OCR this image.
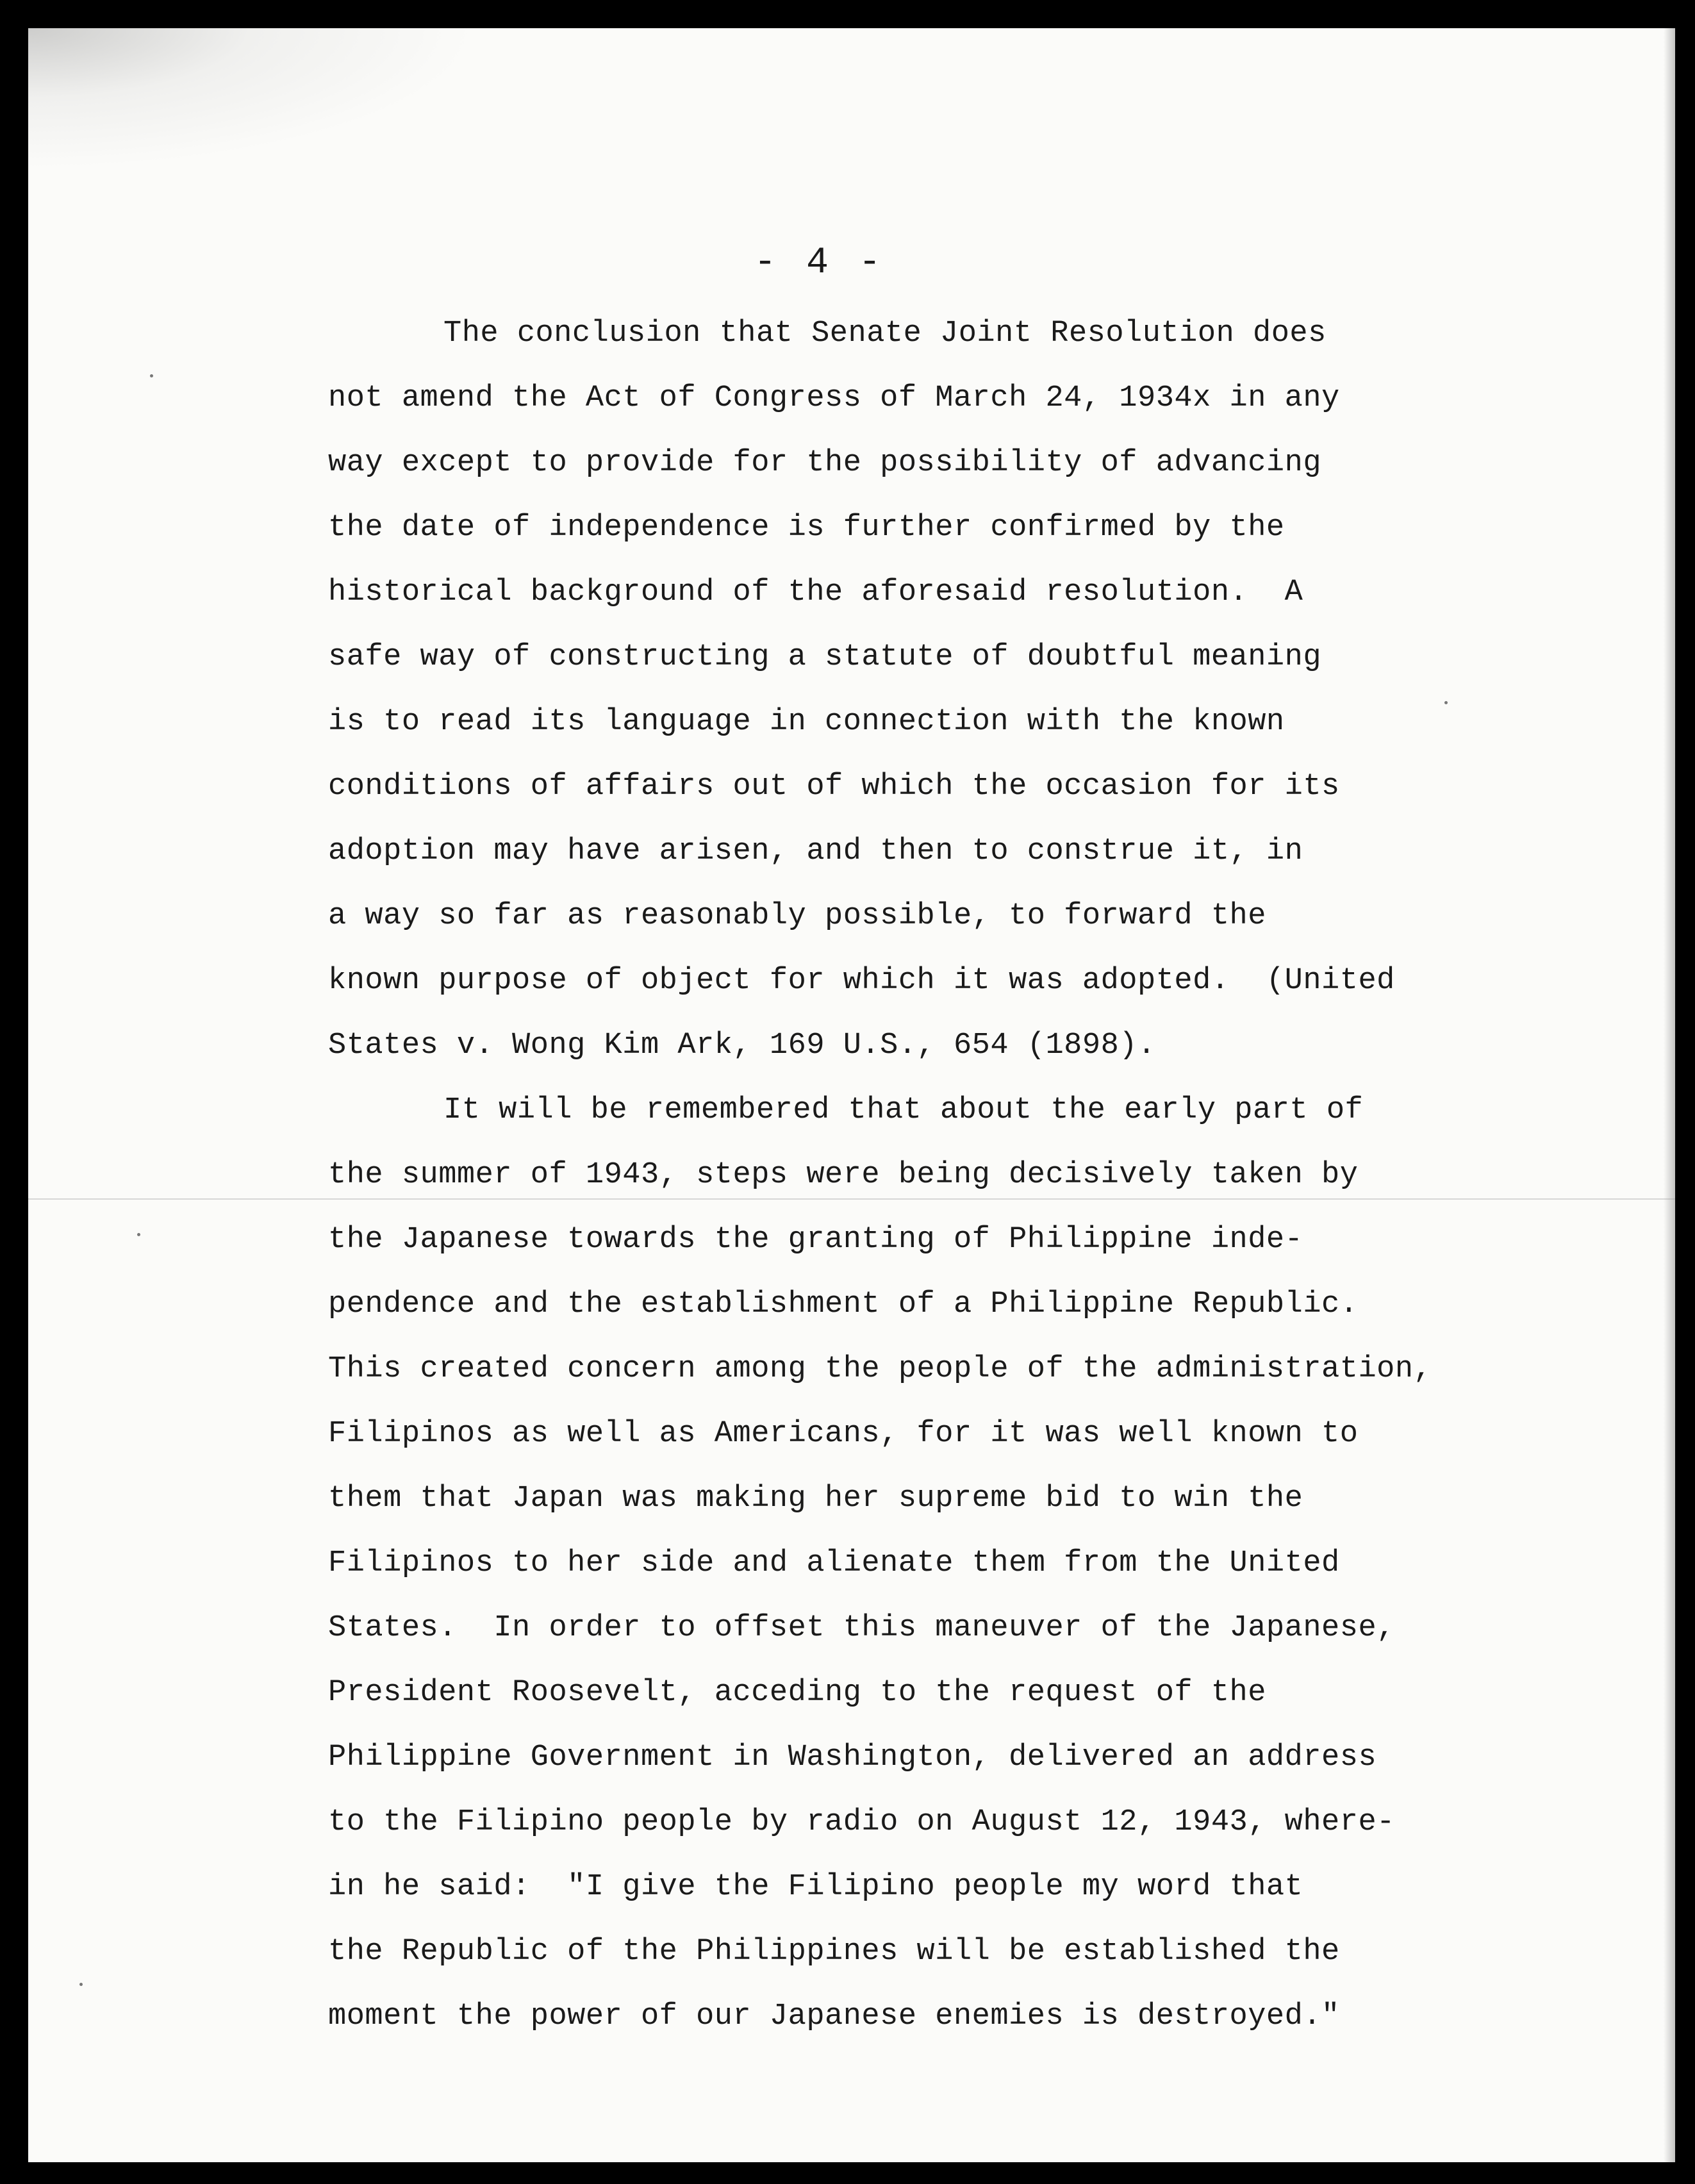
- 4 -
The conclusion that Senate Joint Resolution does
not amend the Act of Congress of March 24, 1934x in any
way except to provide for the possibility of advancing
the date of independence is further confirmed by the
historical background of the aforesaid resolution.  A
safe way of constructing a statute of doubtful meaning
is to read its language in connection with the known
conditions of affairs out of which the occasion for its
adoption may have arisen, and then to construe it, in
a way so far as reasonably possible, to forward the
known purpose of object for which it was adopted.  (United
States v. Wong Kim Ark, 169 U.S., 654 (1898).
It will be remembered that about the early part of
the summer of 1943, steps were being decisively taken by
the Japanese towards the granting of Philippine inde-
pendence and the establishment of a Philippine Republic.
This created concern among the people of the administration,
Filipinos as well as Americans, for it was well known to
them that Japan was making her supreme bid to win the
Filipinos to her side and alienate them from the United
States.  In order to offset this maneuver of the Japanese,
President Roosevelt, acceding to the request of the
Philippine Government in Washington, delivered an address
to the Filipino people by radio on August 12, 1943, where-
in he said:  "I give the Filipino people my word that
the Republic of the Philippines will be established the
moment the power of our Japanese enemies is destroyed."
